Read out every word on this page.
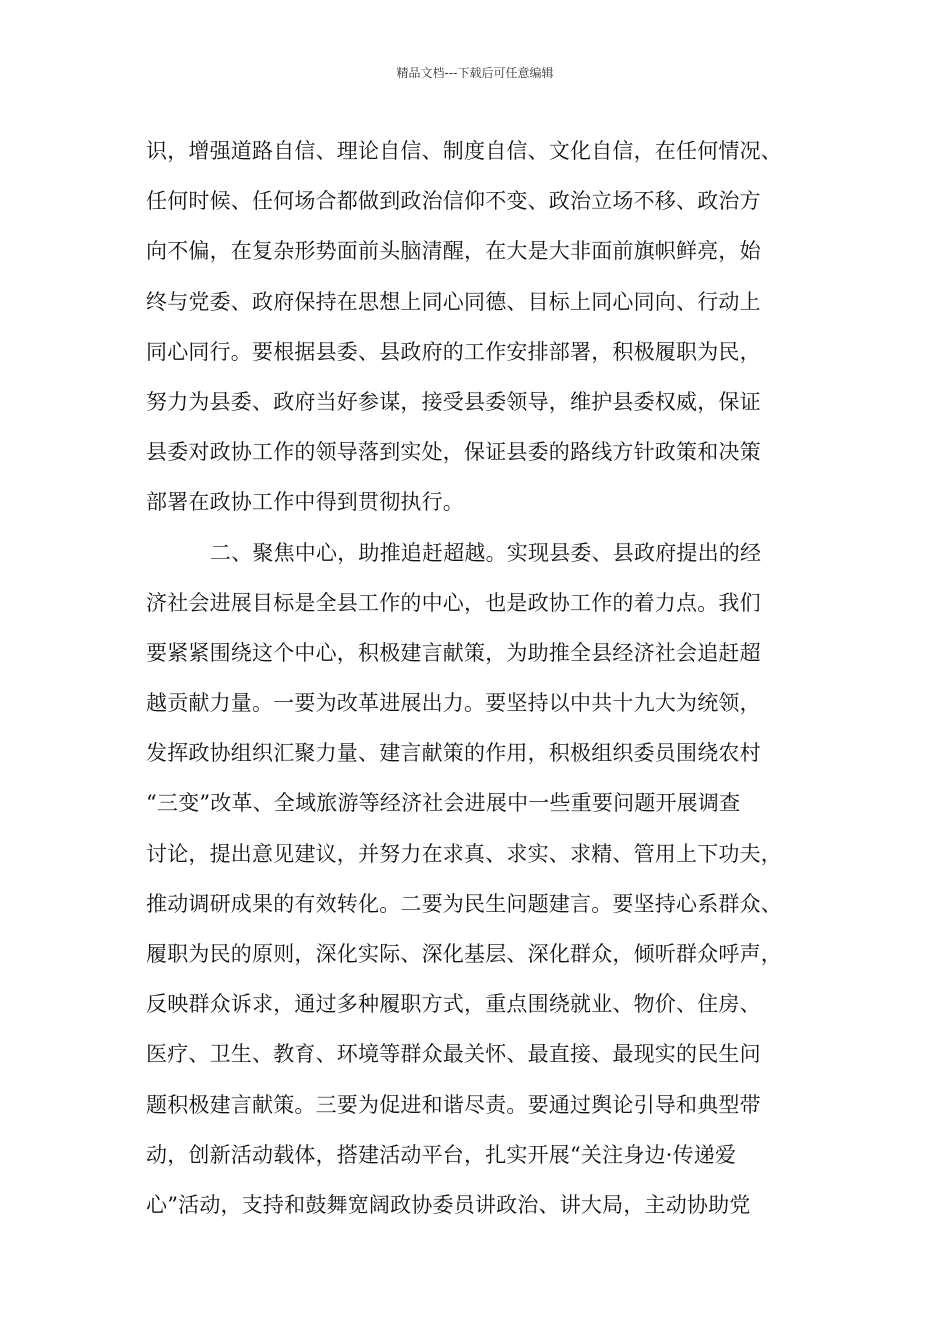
精品文档---下载后可任意编辑
识，增强道路自信、理论自信、制度自信、文化自信，在任何情况、
任何时候、任何场合都做到政治信仰不变、政治立场不移、政治方
向不偏，在复杂形势面前头脑清醒，在大是大非面前旗帜鲜亮，始
终与党委、政府保持在思想上同心同德、目标上同心同向、行动上
同心同行。要根据县委、县政府的工作安排部署，积极履职为民，
努力为县委、政府当好参谋，接受县委领导，维护县委权威，保证
县委对政协工作的领导落到实处，保证县委的路线方针政策和决策
部署在政协工作中得到贯彻执行。
二、聚焦中心，助推追赶超越。实现县委、县政府提出的经
济社会进展目标是全县工作的中心，也是政协工作的着力点。我们
要紧紧围绕这个中心，积极建言献策，为助推全县经济社会追赶超
越贡献力量。一要为改革进展出力。要坚持以中共十九大为统领，
发挥政协组织汇聚力量、建言献策的作用，积极组织委员围绕农村
“三变”改革、全域旅游等经济社会进展中一些重要问题开展调查
讨论，提出意见建议，并努力在求真、求实、求精、管用上下功夫，
推动调研成果的有效转化。二要为民生问题建言。要坚持心系群众、
履职为民的原则，深化实际、深化基层、深化群众，倾听群众呼声，
反映群众诉求，通过多种履职方式，重点围绕就业、物价、住房、
医疗、卫生、教育、环境等群众最关怀、最直接、最现实的民生问
题积极建言献策。三要为促进和谐尽责。要通过舆论引导和典型带
动，创新活动载体，搭建活动平台，扎实开展“关注身边·传递爱
心”活动，支持和鼓舞宽阔政协委员讲政治、讲大局，主动协助党
